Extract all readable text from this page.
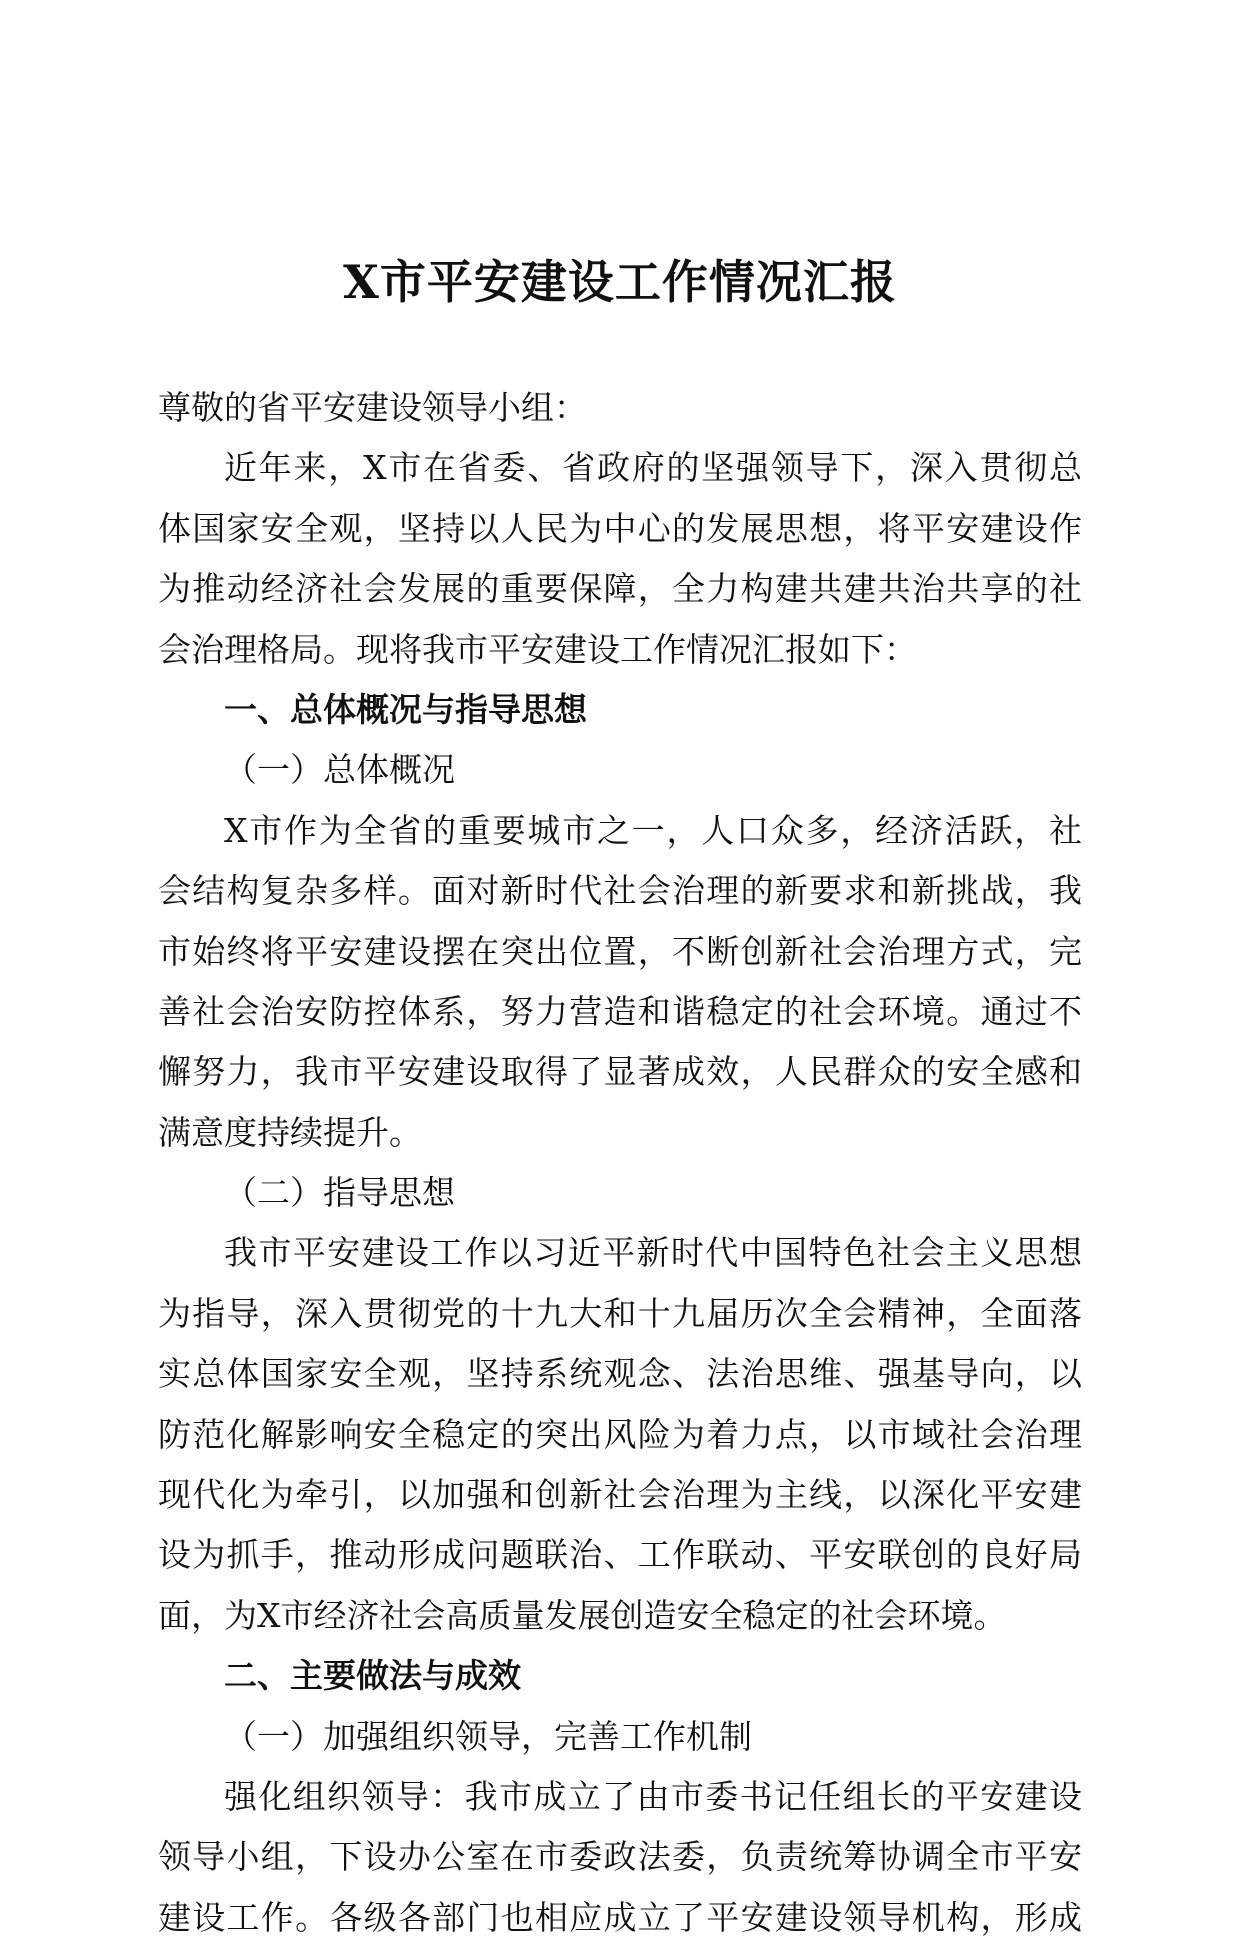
X市平安建设工作情况汇报
尊敬的省平安建设领导小组：
近年来，X市在省委、省政府的坚强领导下，深入贯彻总
体国家安全观，坚持以人民为中心的发展思想，将平安建设作
为推动经济社会发展的重要保障，全力构建共建共治共享的社
会治理格局。现将我市平安建设工作情况汇报如下：
一、总体概况与指导思想
（一）总体概况
X市作为全省的重要城市之一，人口众多，经济活跃，社
会结构复杂多样。面对新时代社会治理的新要求和新挑战，我
市始终将平安建设摆在突出位置，不断创新社会治理方式，完
善社会治安防控体系，努力营造和谐稳定的社会环境。通过不
懈努力，我市平安建设取得了显著成效，人民群众的安全感和
满意度持续提升。
（二）指导思想
我市平安建设工作以习近平新时代中国特色社会主义思想
为指导，深入贯彻党的十九大和十九届历次全会精神，全面落
实总体国家安全观，坚持系统观念、法治思维、强基导向，以
防范化解影响安全稳定的突出风险为着力点，以市域社会治理
现代化为牵引，以加强和创新社会治理为主线，以深化平安建
设为抓手，推动形成问题联治、工作联动、平安联创的良好局
面，为X市经济社会高质量发展创造安全稳定的社会环境。
二、主要做法与成效
（一）加强组织领导，完善工作机制
强化组织领导：我市成立了由市委书记任组长的平安建设
领导小组，下设办公室在市委政法委，负责统筹协调全市平安
建设工作。各级各部门也相应成立了平安建设领导机构，形成
